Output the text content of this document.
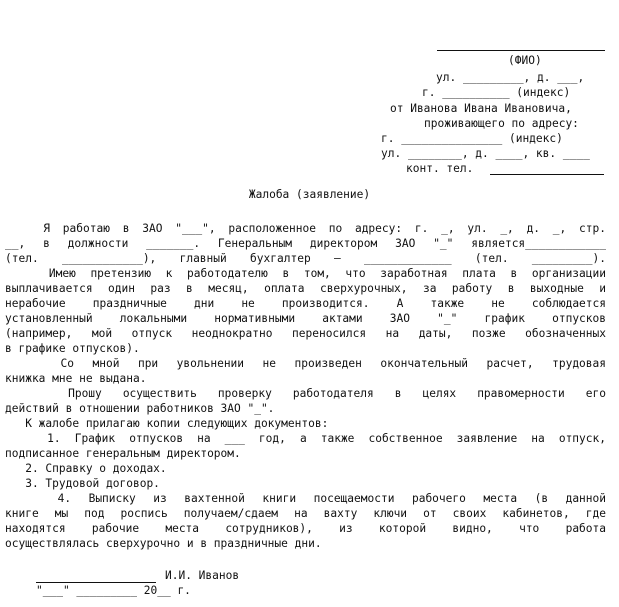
(ФИО)
ул. _________, д. ___,
г. __________ (индекс)
от Иванова Ивана Ивановича,
проживающего по адресу:
г. _______________ (индекс)
ул. ________, д. ____, кв. ____
конт. тел.
Жалоба (заявление)
Я работаю в ЗАО "___", расположенное по адресу: г. _, ул. _, д. _, стр.
__, в должности _______. Генеральным директором ЗАО "_" является____________
(тел. ____________), главный бухгалтер – _____________ (тел. _________).
Имею претензию к работодателю в том, что заработная плата в организации
выплачивается один раз в месяц, оплата сверхурочных, за работу в выходные и
нерабочие праздничные дни не производится. А также не соблюдается
установленный локальными нормативными актами ЗАО "_" график отпусков
(например, мой отпуск неоднократно переносился на даты, позже обозначенных
в графике отпусков).
Со мной при увольнении не произведен окончательный расчет, трудовая
книжка мне не выдана.
Прошу осуществить проверку работодателя в целях правомерности его
действий в отношении работников ЗАО "_".
К жалобе прилагаю копии следующих документов:
1. График отпусков на ___ год, а также собственное заявление на отпуск,
подписанное генеральным директором.
2. Справку о доходах.
3. Трудовой договор.
4. Выписку из вахтенной книги посещаемости рабочего места (в данной
книге мы под роспись получаем/сдаем на вахту ключи от своих кабинетов, где
находятся рабочие места сотрудников), из которой видно, что работа
осуществлялась сверхурочно и в праздничные дни.
И.И. Иванов
"___" _________ 20__ г.
